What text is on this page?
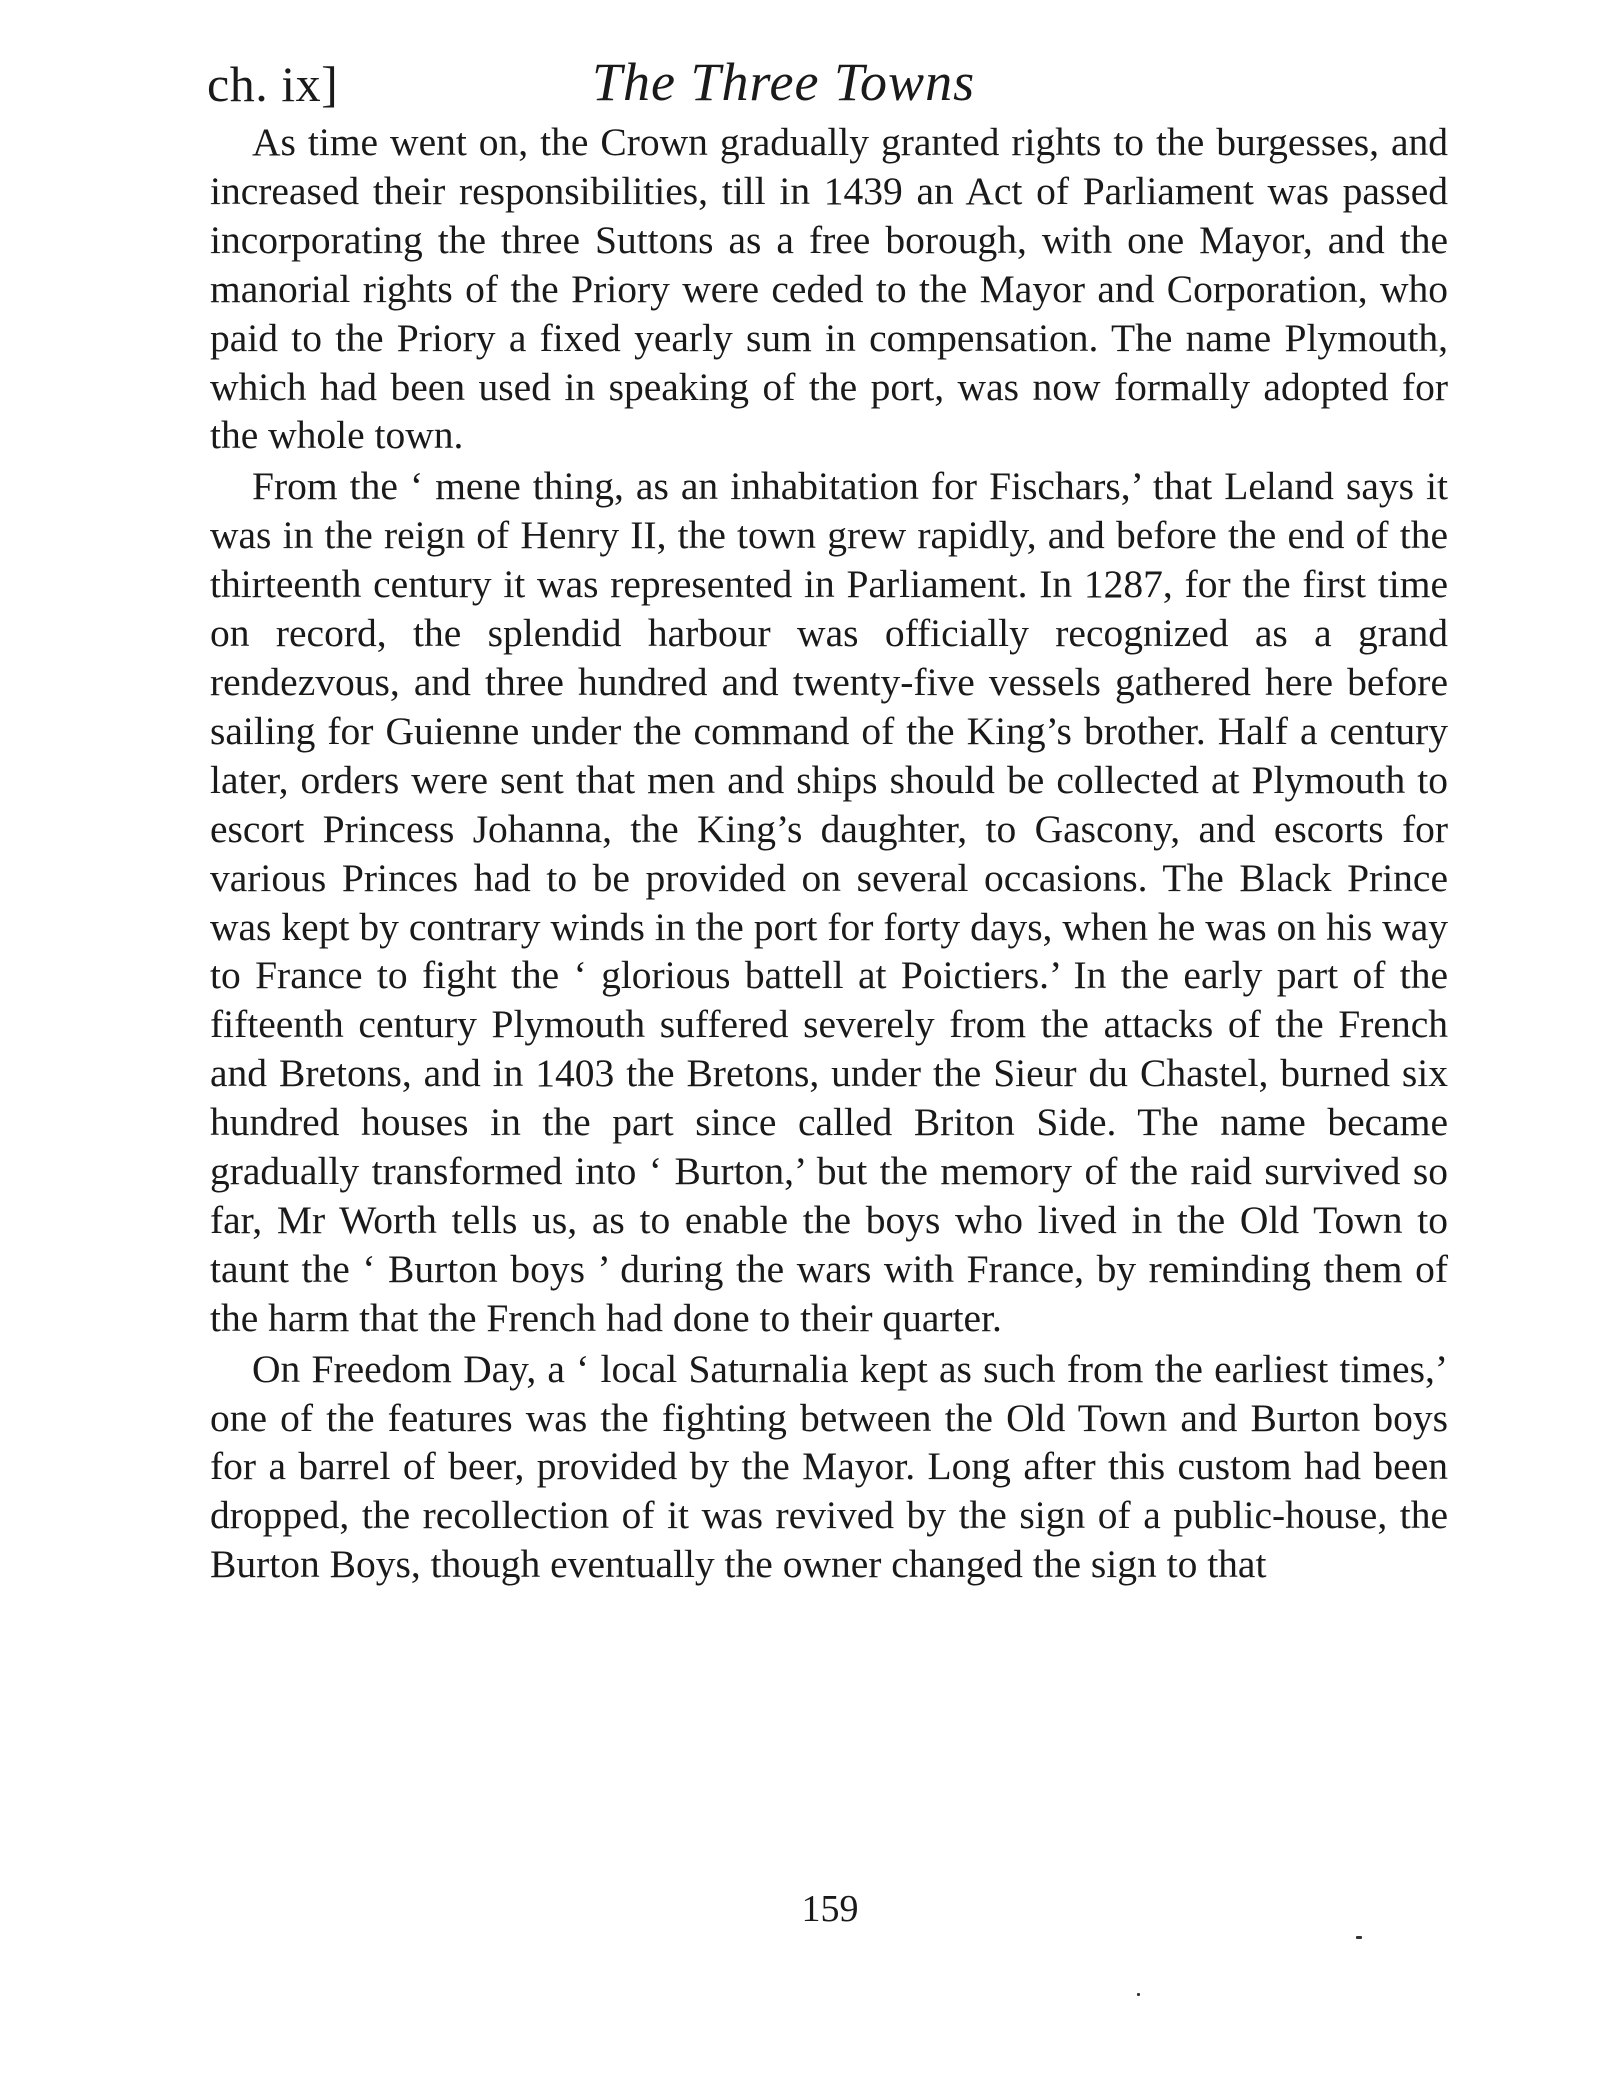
ch. ix]	The Three Towns

As time went on, the Crown gradually granted rights to the burgesses, and increased their responsibilities, till in 1439 an Act of Parliament was passed incorporating the three Suttons as a free borough, with one Mayor, and the manorial rights of the Priory were ceded to the Mayor and Corporation, who paid to the Priory a fixed yearly sum in compensation. The name Plymouth, which had been used in speaking of the port, was now formally adopted for the whole town.

From the ‘ mene thing, as an inhabitation for Fischars,’ that Leland says it was in the reign of Henry II, the town grew rapidly, and before the end of the thirteenth century it was represented in Parliament. In 1287, for the first time on record, the splendid harbour was officially recognized as a grand rendezvous, and three hundred and twenty-five vessels gathered here before sailing for Guienne under the command of the King’s brother. Half a century later, orders were sent that men and ships should be collected at Plymouth to escort Princess Johanna, the King’s daughter, to Gascony, and escorts for various Princes had to be provided on several occasions. The Black Prince was kept by contrary winds in the port for forty days, when he was on his way to France to fight the ‘ glorious battell at Poictiers.’ In the early part of the fifteenth century Plymouth suffered severely from the attacks of the French and Bretons, and in 1403 the Bretons, under the Sieur du Chastel, burned six hundred houses in the part since called Briton Side. The name became gradually transformed into ‘ Burton,’ but the memory of the raid survived so far, Mr Worth tells us, as to enable the boys who lived in the Old Town to taunt the ‘ Burton boys ’ during the wars with France, by reminding them of the harm that the French had done to their quarter.

On Freedom Day, a ‘ local Saturnalia kept as such from the earliest times,’ one of the features was the fighting between the Old Town and Burton boys for a barrel of beer, provided by the Mayor. Long after this custom had been dropped, the recollection of it was revived by the sign of a public-house, the Burton Boys, though eventually the owner changed the sign to that

159
